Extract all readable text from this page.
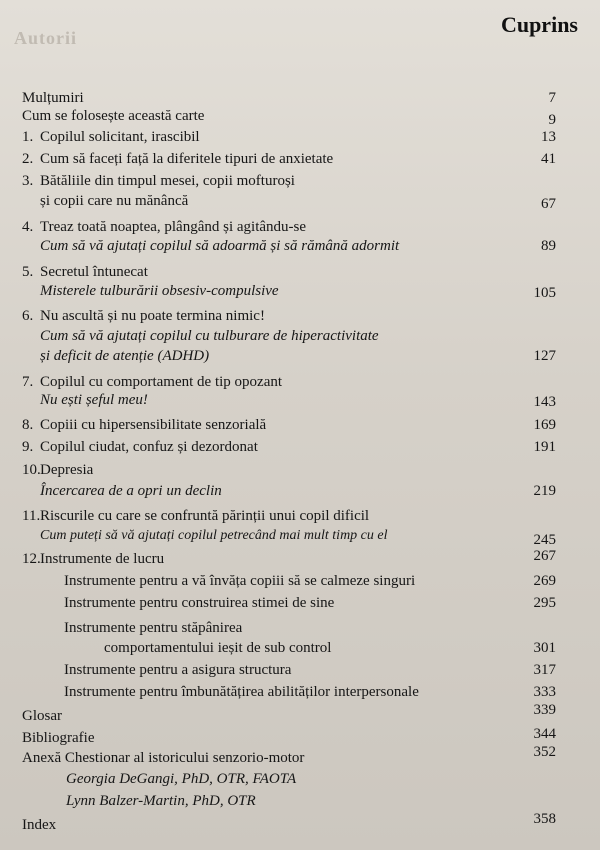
Autorii
Cuprins
Mulțumiri	7
Cum se folosește această carte	9
1. Copilul solicitant, irascibil	13
2. Cum să faceți față la diferitele tipuri de anxietate	41
3. Bătăliile din timpul mesei, copii mofturoși
și copii care nu mănâncă	67
4. Treaz toată noaptea, plângând și agitându-se
Cum să vă ajutați copilul să adoarmă și să rămână adormit	89
5. Secretul întunecat
Misterele tulburării obsesiv-compulsive	105
6. Nu ascultă și nu poate termina nimic!
Cum să vă ajutați copilul cu tulburare de hiperactivitate
și deficit de atenție (ADHD)	127
7. Copilul cu comportament de tip opozant
Nu ești șeful meu!	143
8. Copiii cu hipersensibilitate senzorială	169
9. Copilul ciudat, confuz și dezordonat	191
10. Depresia
Încercarea de a opri un declin	219
11. Riscurile cu care se confruntă părinții unui copil dificil
Cum puteți să vă ajutați copilul petrecând mai mult timp cu el	245
12. Instrumente de lucru	267
Instrumente pentru a vă învăța copiii să se calmeze singuri	269
Instrumente pentru construirea stimei de sine	295
Instrumente pentru stăpânirea
comportamentului ieșit de sub control	301
Instrumente pentru a asigura structura	317
Instrumente pentru îmbunătățirea abilităților interpersonale	333
Glosar	339
Bibliografie	344
Anexă Chestionar al istoricului senzorio-motor	352
Georgia DeGangi, PhD, OTR, FAOTA
Lynn Balzer-Martin, PhD, OTR
Index	358
